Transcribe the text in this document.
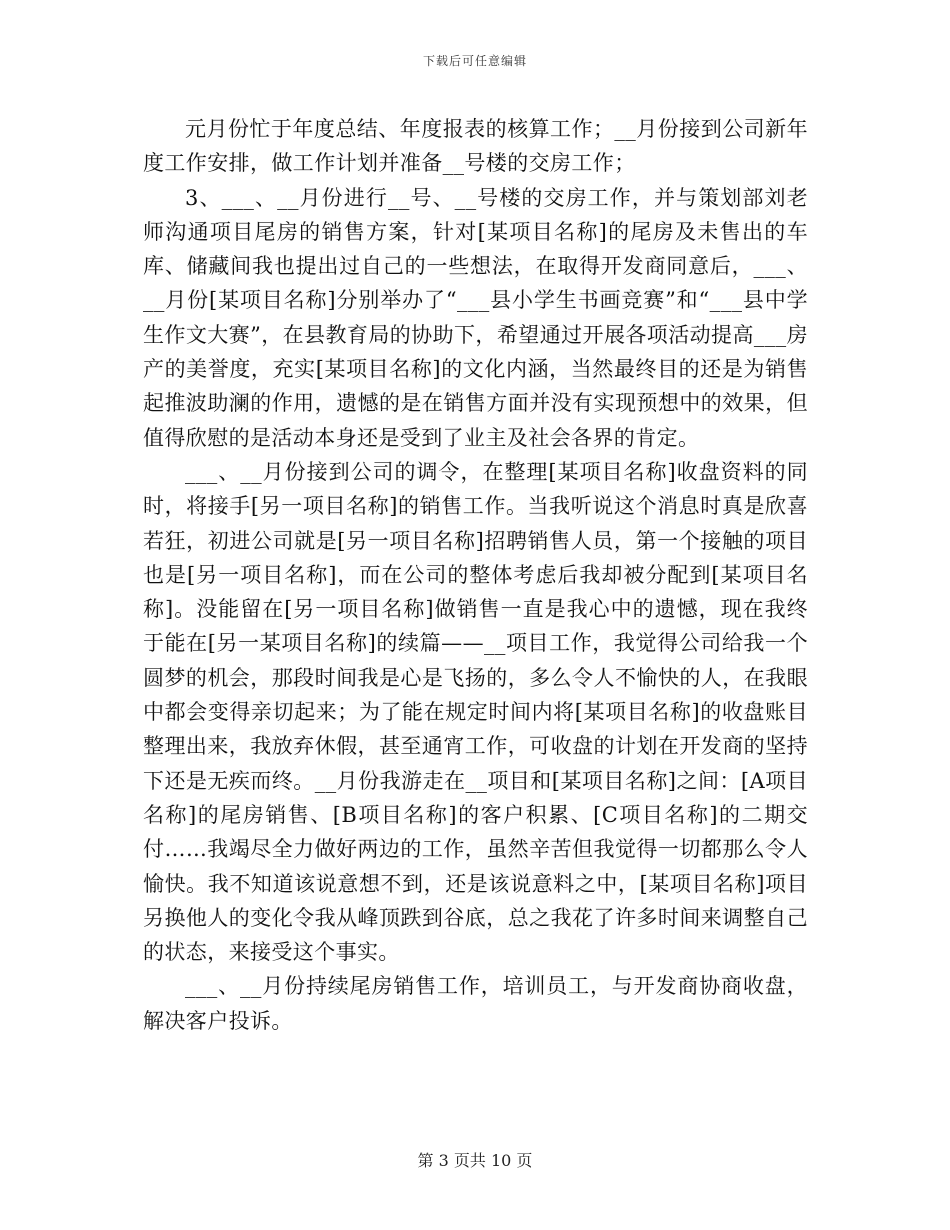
下载后可任意编辑

元月份忙于年度总结、年度报表的核算工作；__月份接到公司新年度工作安排，做工作计划并准备__号楼的交房工作；

3、___、__月份进行__号、__号楼的交房工作，并与策划部刘老师沟通项目尾房的销售方案，针对[某项目名称]的尾房及未售出的车库、储藏间我也提出过自己的一些想法，在取得开发商同意后，___、__月份[某项目名称]分别举办了“___县小学生书画竞赛”和“___县中学生作文大赛”，在县教育局的协助下，希望通过开展各项活动提高___房产的美誉度，充实[某项目名称]的文化内涵，当然最终目的还是为销售起推波助澜的作用，遗憾的是在销售方面并没有实现预想中的效果，但值得欣慰的是活动本身还是受到了业主及社会各界的肯定。

___、__月份接到公司的调令，在整理[某项目名称]收盘资料的同时，将接手[另一项目名称]的销售工作。当我听说这个消息时真是欣喜若狂，初进公司就是[另一项目名称]招聘销售人员，第一个接触的项目也是[另一项目名称]，而在公司的整体考虑后我却被分配到[某项目名称]。没能留在[另一项目名称]做销售一直是我心中的遗憾，现在我终于能在[另一某项目名称]的续篇——__项目工作，我觉得公司给我一个圆梦的机会，那段时间我是心是飞扬的，多么令人不愉快的人，在我眼中都会变得亲切起来；为了能在规定时间内将[某项目名称]的收盘账目整理出来，我放弃休假，甚至通宵工作，可收盘的计划在开发商的坚持下还是无疾而终。__月份我游走在__项目和[某项目名称]之间：[A项目名称]的尾房销售、[B项目名称]的客户积累、[C项目名称]的二期交付……我竭尽全力做好两边的工作，虽然辛苦但我觉得一切都那么令人愉快。我不知道该说意想不到，还是该说意料之中，[某项目名称]项目另换他人的变化令我从峰顶跌到谷底，总之我花了许多时间来调整自己的状态，来接受这个事实。

___、__月份持续尾房销售工作，培训员工，与开发商协商收盘，解决客户投诉。

第 3 页共 10 页
